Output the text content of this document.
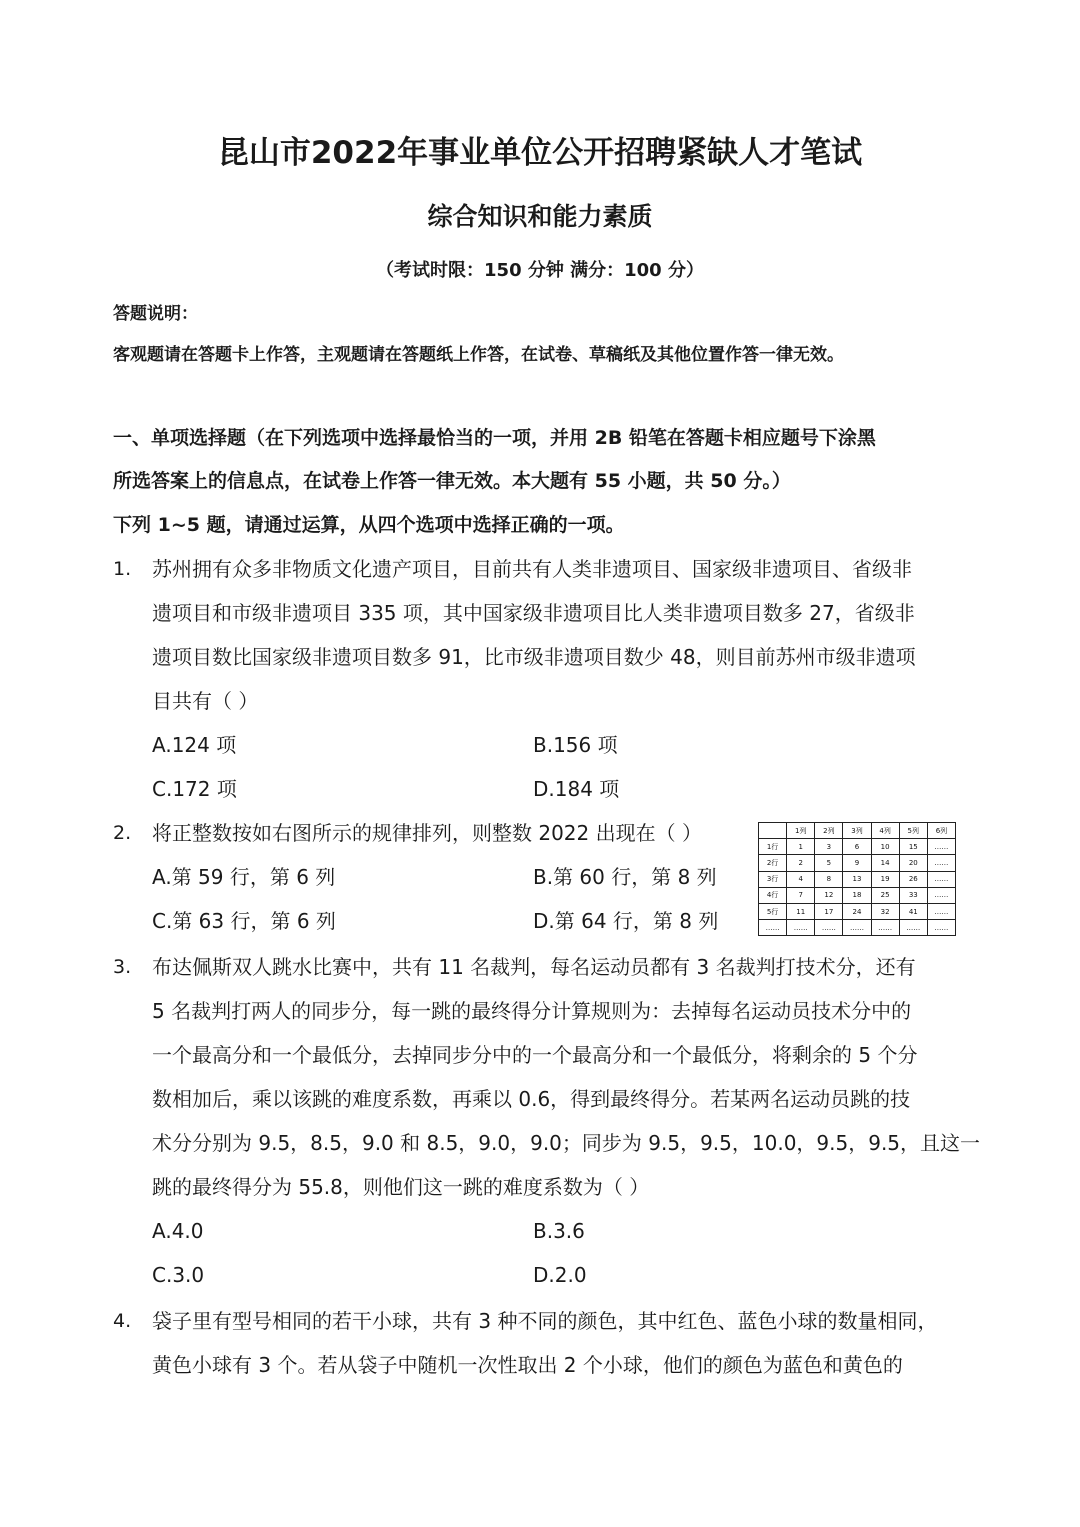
昆山市2022年事业单位公开招聘紧缺人才笔试
综合知识和能力素质
（考试时限：150 分钟 满分：100 分）
答题说明：
客观题请在答题卡上作答，主观题请在答题纸上作答，在试卷、草稿纸及其他位置作答一律无效。
一、单项选择题（在下列选项中选择最恰当的一项，并用 2B 铅笔在答题卡相应题号下涂黑
所选答案上的信息点，在试卷上作答一律无效。本大题有 55 小题，共 50 分。）
下列 1~5 题，请通过运算，从四个选项中选择正确的一项。
1. 苏州拥有众多非物质文化遗产项目，目前共有人类非遗项目、国家级非遗项目、省级非
遗项目和市级非遗项目 335 项，其中国家级非遗项目比人类非遗项目数多 27，省级非
遗项目数比国家级非遗项目数多 91，比市级非遗项目数少 48，则目前苏州市级非遗项
目共有（ ）
A.124 项	B.156 项
C.172 项	D.184 项
2. 将正整数按如右图所示的规律排列，则整数 2022 出现在（ ）
A.第 59 行，第 6 列	B.第 60 行，第 8 列
C.第 63 行，第 6 列	D.第 64 行，第 8 列
	1列	2列	3列	4列	5列	6列
1行	1	3	6	10	15	……
2行	2	5	9	14	20	……
3行	4	8	13	19	26	……
4行	7	12	18	25	33	……
5行	11	17	24	32	41	……
……	……	……	……	……	……	……
3. 布达佩斯双人跳水比赛中，共有 11 名裁判，每名运动员都有 3 名裁判打技术分，还有
5 名裁判打两人的同步分，每一跳的最终得分计算规则为：去掉每名运动员技术分中的
一个最高分和一个最低分，去掉同步分中的一个最高分和一个最低分，将剩余的 5 个分
数相加后，乘以该跳的难度系数，再乘以 0.6，得到最终得分。若某两名运动员跳的技
术分分别为 9.5，8.5，9.0 和 8.5，9.0，9.0；同步为 9.5，9.5，10.0，9.5，9.5，且这一
跳的最终得分为 55.8，则他们这一跳的难度系数为（ ）
A.4.0	B.3.6
C.3.0	D.2.0
4. 袋子里有型号相同的若干小球，共有 3 种不同的颜色，其中红色、蓝色小球的数量相同，
黄色小球有 3 个。若从袋子中随机一次性取出 2 个小球，他们的颜色为蓝色和黄色的
